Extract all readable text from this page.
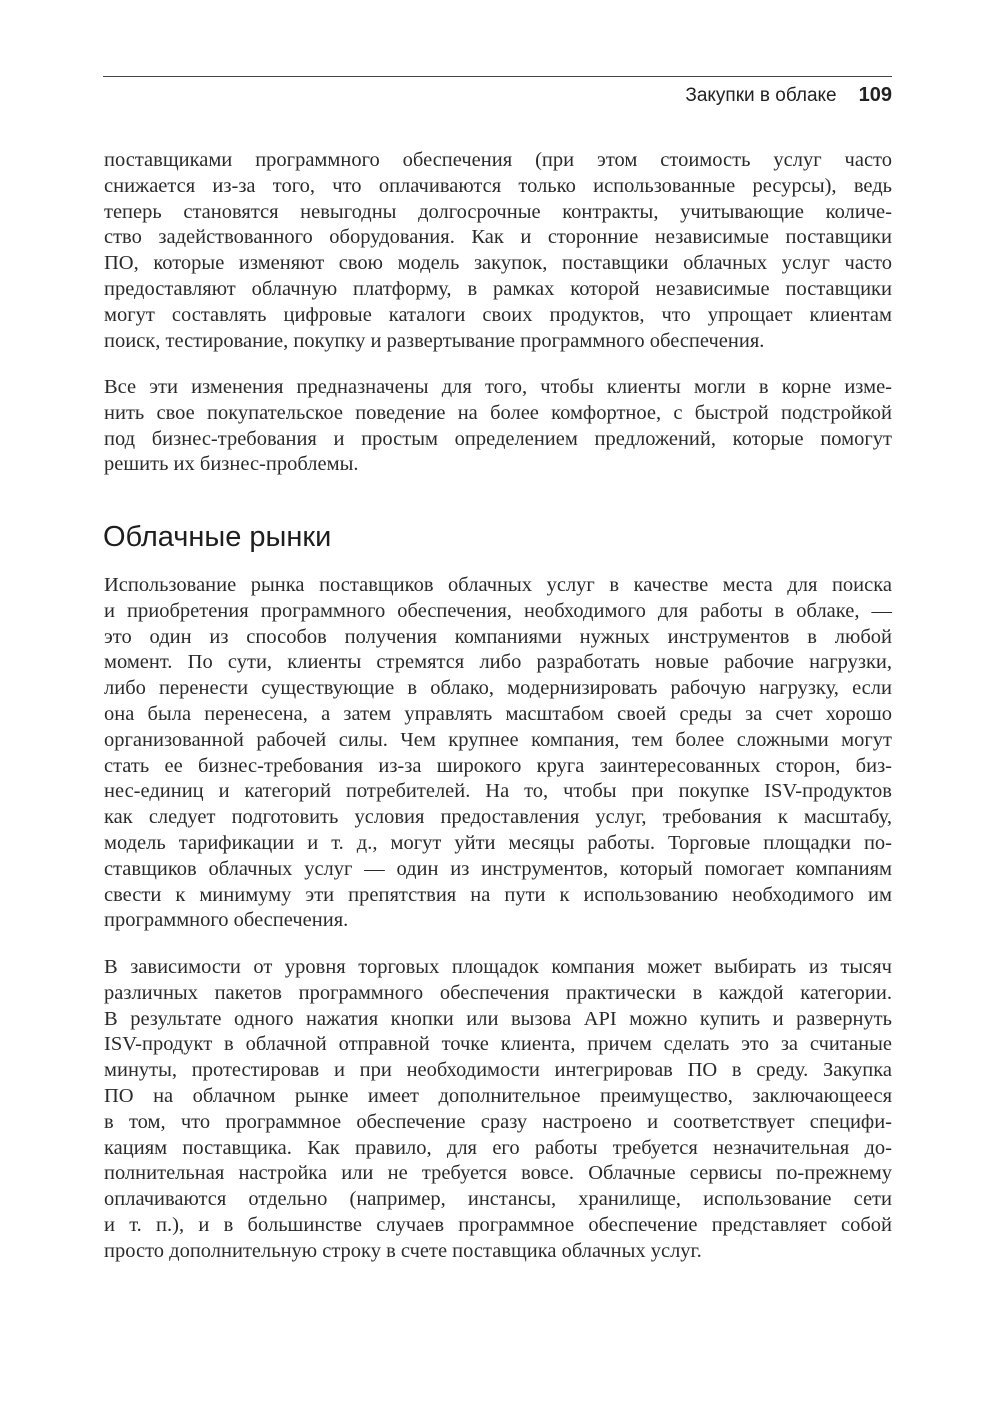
Закупки в облаке 109
поставщиками программного обеспечения (при этом стоимость услуг часто
снижается из-за того, что оплачиваются только использованные ресурсы), ведь
теперь становятся невыгодны долгосрочные контракты, учитывающие количе-
ство задействованного оборудования. Как и сторонние независимые поставщики
ПО, которые изменяют свою модель закупок, поставщики облачных услуг часто
предоставляют облачную платформу, в рамках которой независимые поставщики
могут составлять цифровые каталоги своих продуктов, что упрощает клиентам
поиск, тестирование, покупку и развертывание программного обеспечения.
Все эти изменения предназначены для того, чтобы клиенты могли в корне изме-
нить свое покупательское поведение на более комфортное, с быстрой подстройкой
под бизнес-требования и простым определением предложений, которые помогут
решить их бизнес-проблемы.
Облачные рынки
Использование рынка поставщиков облачных услуг в качестве места для поиска
и приобретения программного обеспечения, необходимого для работы в облаке, —
это один из способов получения компаниями нужных инструментов в любой
момент. По сути, клиенты стремятся либо разработать новые рабочие нагрузки,
либо перенести существующие в облако, модернизировать рабочую нагрузку, если
она была перенесена, а затем управлять масштабом своей среды за счет хорошо
организованной рабочей силы. Чем крупнее компания, тем более сложными могут
стать ее бизнес-требования из-за широкого круга заинтересованных сторон, биз-
нес-единиц и категорий потребителей. На то, чтобы при покупке ISV-продуктов
как следует подготовить условия предоставления услуг, требования к масштабу,
модель тарификации и т. д., могут уйти месяцы работы. Торговые площадки по-
ставщиков облачных услуг — один из инструментов, который помогает компаниям
свести к минимуму эти препятствия на пути к использованию необходимого им
программного обеспечения.
В зависимости от уровня торговых площадок компания может выбирать из тысяч
различных пакетов программного обеспечения практически в каждой категории.
В результате одного нажатия кнопки или вызова API можно купить и развернуть
ISV-продукт в облачной отправной точке клиента, причем сделать это за считаные
минуты, протестировав и при необходимости интегрировав ПО в среду. Закупка
ПО на облачном рынке имеет дополнительное преимущество, заключающееся
в том, что программное обеспечение сразу настроено и соответствует специфи-
кациям поставщика. Как правило, для его работы требуется незначительная до-
полнительная настройка или не требуется вовсе. Облачные сервисы по-прежнему
оплачиваются отдельно (например, инстансы, хранилище, использование сети
и т. п.), и в большинстве случаев программное обеспечение представляет собой
просто дополнительную строку в счете поставщика облачных услуг.
